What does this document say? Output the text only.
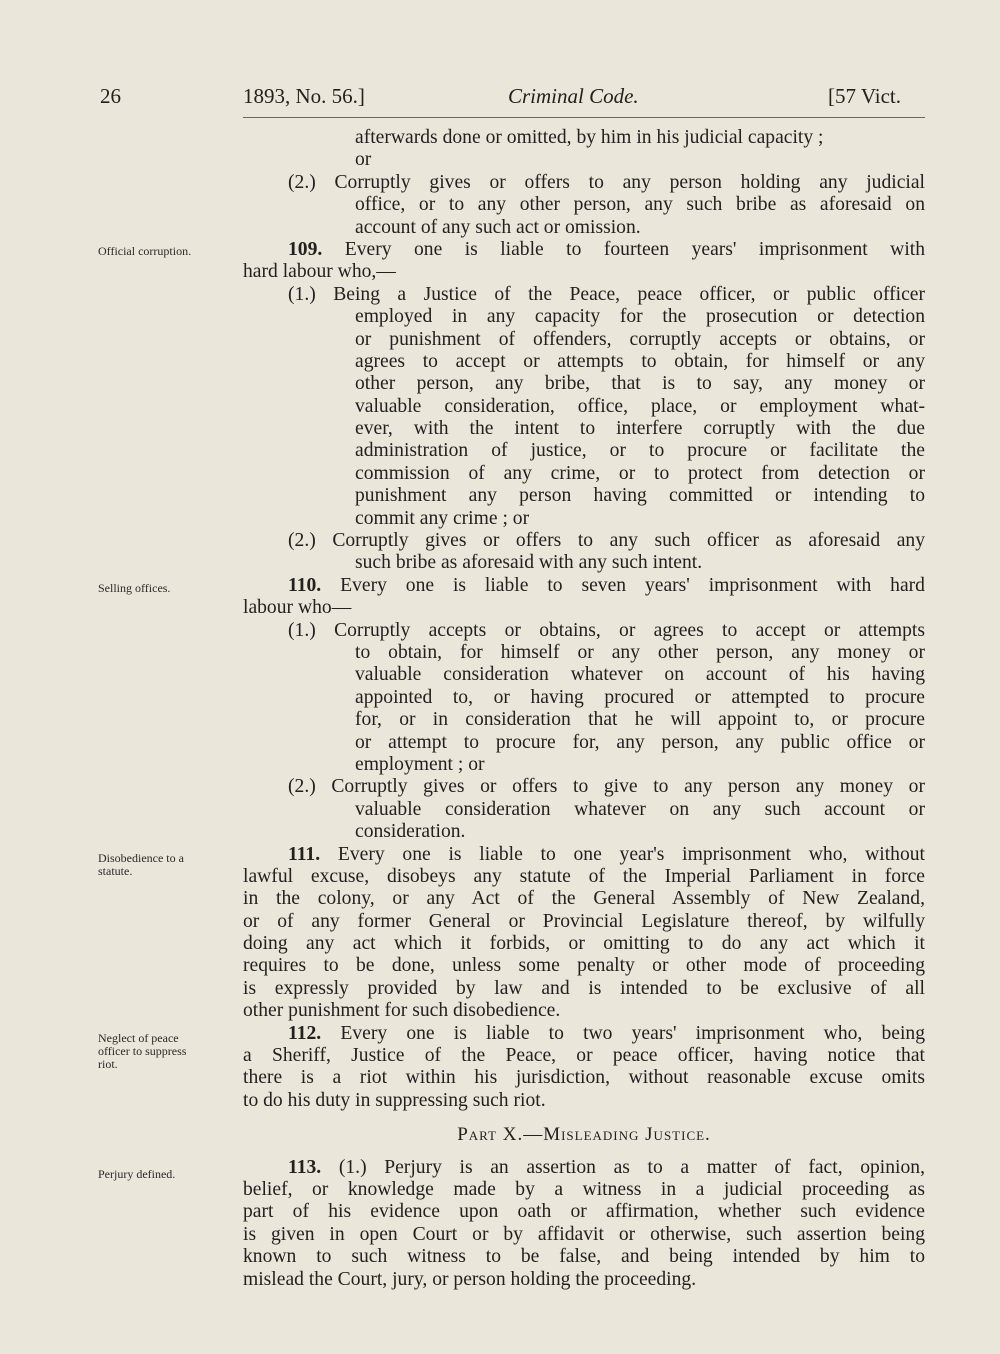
26	1893, No. 56.]	Criminal Code.	[57 Vict.
Official corruption.
Selling offices.
Disobedience to a
statute.
Neglect of peace
officer to suppress
riot.
Perjury defined.
afterwards done or omitted, by him in his judicial capacity ;
or
(2.) Corruptly gives or offers to any person holding any judicial
office, or to any other person, any such bribe as aforesaid on
account of any such act or omission.
109. Every one is liable to fourteen years' imprisonment with
hard labour who,—
(1.) Being a Justice of the Peace, peace officer, or public officer
employed in any capacity for the prosecution or detection
or punishment of offenders, corruptly accepts or obtains, or
agrees to accept or attempts to obtain, for himself or any
other person, any bribe, that is to say, any money or
valuable consideration, office, place, or employment what-
ever, with the intent to interfere corruptly with the due
administration of justice, or to procure or facilitate the
commission of any crime, or to protect from detection or
punishment any person having committed or intending to
commit any crime ; or
(2.) Corruptly gives or offers to any such officer as aforesaid any
such bribe as aforesaid with any such intent.
110. Every one is liable to seven years' imprisonment with hard
labour who—
(1.) Corruptly accepts or obtains, or agrees to accept or attempts
to obtain, for himself or any other person, any money or
valuable consideration whatever on account of his having
appointed to, or having procured or attempted to procure
for, or in consideration that he will appoint to, or procure
or attempt to procure for, any person, any public office or
employment ; or
(2.) Corruptly gives or offers to give to any person any money or
valuable consideration whatever on any such account or
consideration.
111. Every one is liable to one year's imprisonment who, without
lawful excuse, disobeys any statute of the Imperial Parliament in force
in the colony, or any Act of the General Assembly of New Zealand,
or of any former General or Provincial Legislature thereof, by wilfully
doing any act which it forbids, or omitting to do any act which it
requires to be done, unless some penalty or other mode of proceeding
is expressly provided by law and is intended to be exclusive of all
other punishment for such disobedience.
112. Every one is liable to two years' imprisonment who, being
a Sheriff, Justice of the Peace, or peace officer, having notice that
there is a riot within his jurisdiction, without reasonable excuse omits
to do his duty in suppressing such riot.
Part X.—Misleading Justice.
113. (1.) Perjury is an assertion as to a matter of fact, opinion,
belief, or knowledge made by a witness in a judicial proceeding as
part of his evidence upon oath or affirmation, whether such evidence
is given in open Court or by affidavit or otherwise, such assertion being
known to such witness to be false, and being intended by him to
mislead the Court, jury, or person holding the proceeding.
